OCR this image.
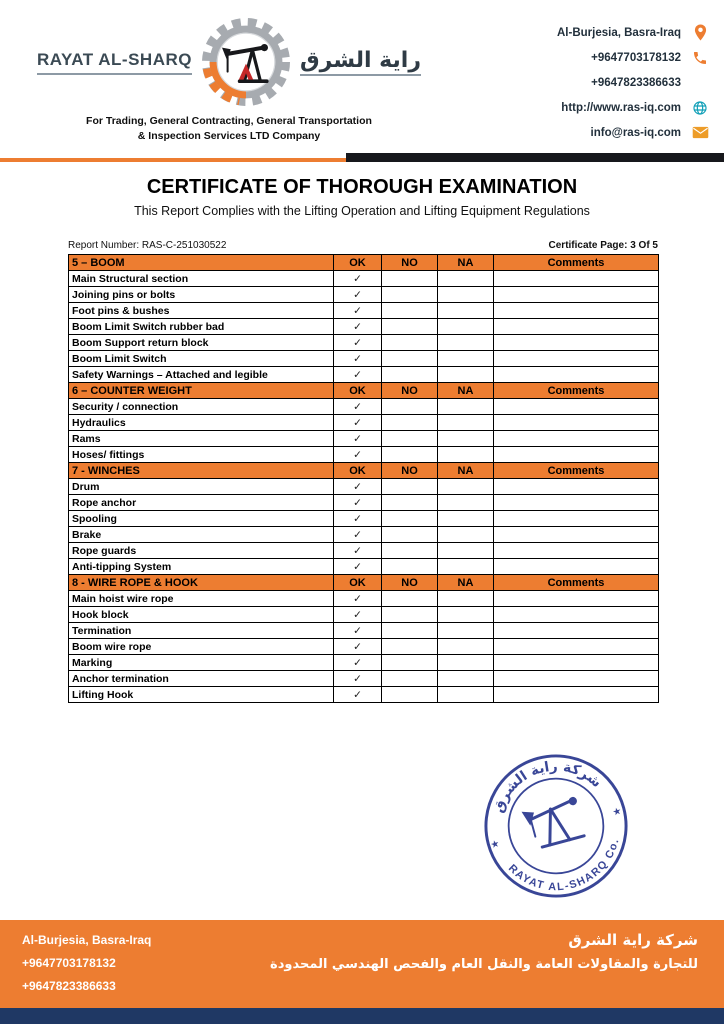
RAYAT AL-SHARQ	راية الشرق
For Trading, General Contracting, General Transportation
& Inspection Services LTD Company
Al-Burjesia, Basra-Iraq
+9647703178132
+9647823386633
http://www.ras-iq.com
info@ras-iq.com
CERTIFICATE OF THOROUGH EXAMINATION
This Report Complies with the Lifting Operation and Lifting Equipment Regulations
Report Number: RAS-C-251030522	Certificate Page: 3 Of 5
5 – BOOM	OK	NO	NA	Comments
Main Structural section	✓			
Joining pins or bolts	✓			
Foot pins & bushes	✓			
Boom Limit Switch rubber bad	✓			
Boom Support return block	✓			
Boom Limit Switch	✓			
Safety Warnings – Attached and legible	✓			
6 – COUNTER WEIGHT	OK	NO	NA	Comments
Security / connection	✓			
Hydraulics	✓			
Rams	✓			
Hoses/ fittings	✓			
7 - WINCHES	OK	NO	NA	Comments
Drum	✓			
Rope anchor	✓			
Spooling	✓			
Brake	✓			
Rope guards	✓			
Anti-tipping System	✓			
8 - WIRE ROPE & HOOK	OK	NO	NA	Comments
Main hoist wire rope	✓			
Hook block	✓			
Termination	✓			
Boom wire rope	✓			
Marking	✓			
Anchor termination	✓			
Lifting Hook	✓			
شركة راية الشرق
RAYAT AL-SHARQ Co.
★
★
Al-Burjesia, Basra-Iraq
+9647703178132
+9647823386633
شركة راية الشرق
للتجارة والمقاولات العامة والنقل العام والفحص الهندسي المحدودة
